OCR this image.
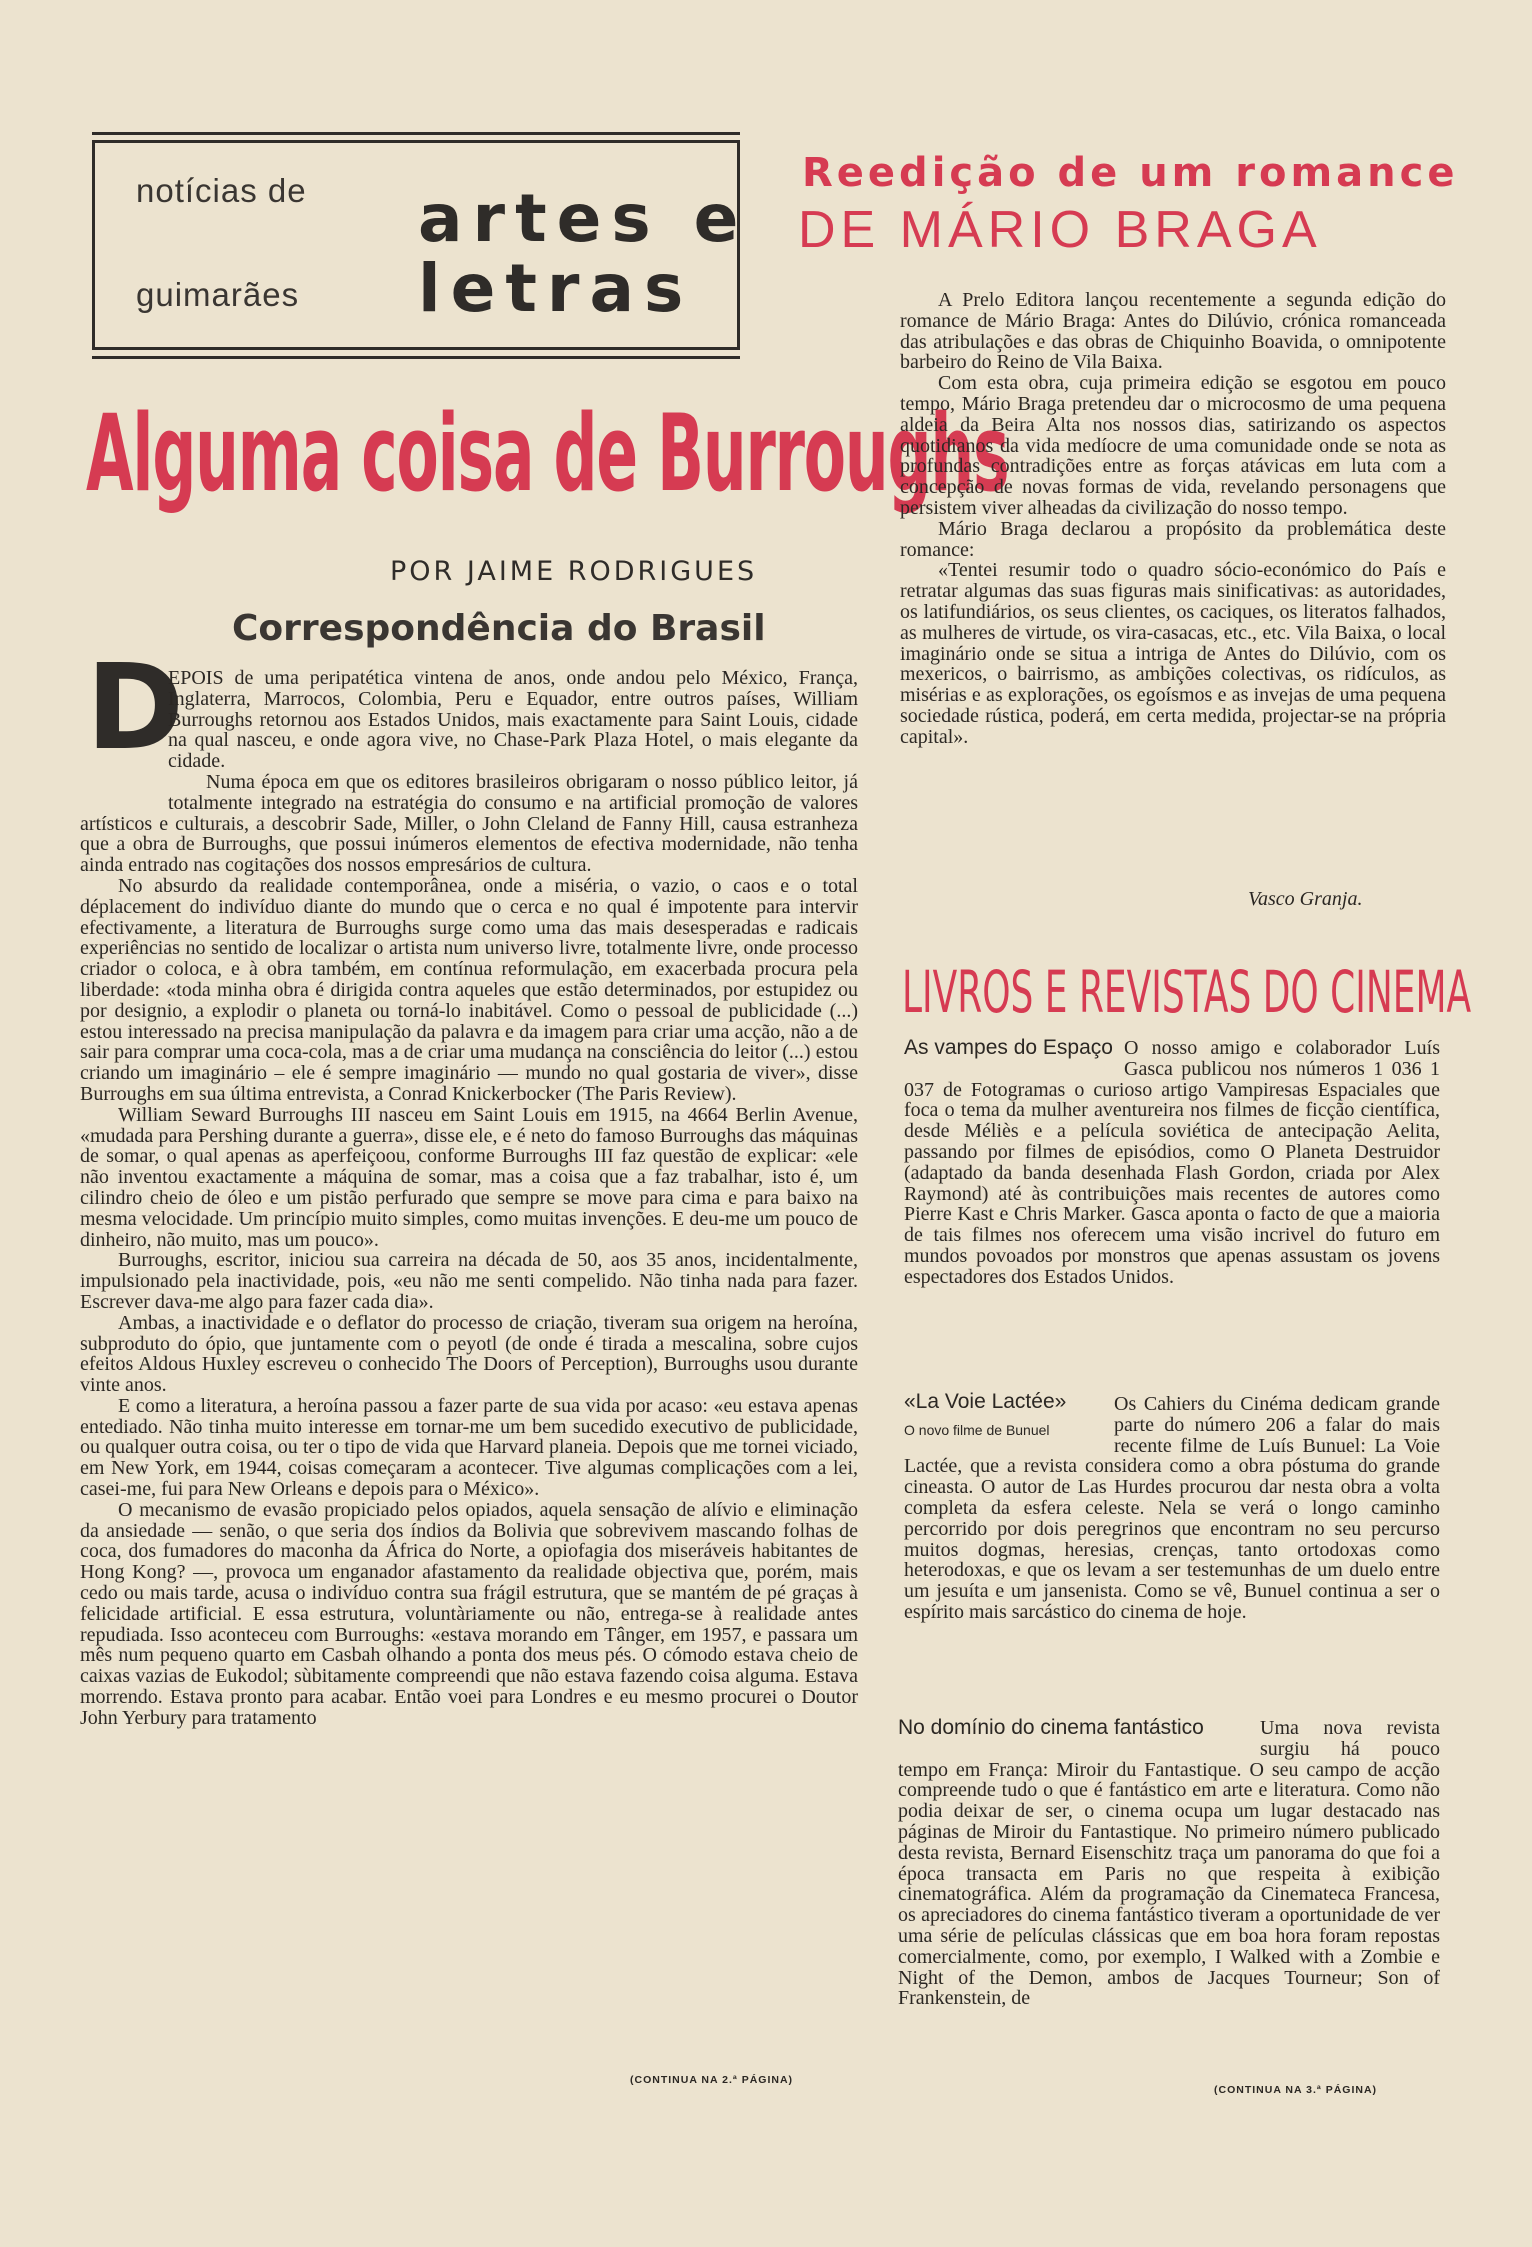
notícias de
guimarães
artes e
letras
Alguma coisa de Burroughs
POR JAIME RODRIGUES
Correspondência do Brasil
D

EPOIS de uma peripatética vintena de anos, onde andou pelo México, França, Inglaterra, Marrocos, Colombia, Peru e Equador, entre outros países, William Burroughs retornou aos Estados Unidos, mais exactamente para Saint Louis, cidade na qual nasceu, e onde agora vive, no Chase-Park Plaza Hotel, o mais elegante da cidade.

Numa época em que os editores brasileiros obrigaram o nosso público leitor, já totalmente integrado na estratégia do consumo e na artificial promoção de valores artísticos e culturais, a descobrir Sade, Miller, o John Cleland de Fanny Hill, causa estranheza que a obra de Burroughs, que possui inúmeros elementos de efectiva modernidade, não tenha ainda entrado nas cogitações dos nossos empresários de cultura.

No absurdo da realidade contemporânea, onde a miséria, o vazio, o caos e o total déplacement do indivíduo diante do mundo que o cerca e no qual é impotente para intervir efectivamente, a literatura de Burroughs surge como uma das mais desesperadas e radicais experiências no sentido de localizar o artista num universo livre, totalmente livre, onde processo criador o coloca, e à obra também, em contínua reformulação, em exacerbada procura pela liberdade: «toda minha obra é dirigida contra aqueles que estão determinados, por estupidez ou por designio, a explodir o planeta ou torná-lo inabitável. Como o pessoal de publicidade (...) estou interessado na precisa manipulação da palavra e da imagem para criar uma acção, não a de sair para comprar uma coca-cola, mas a de criar uma mudança na consciência do leitor (...) estou criando um imaginário – ele é sempre imaginário — mundo no qual gostaria de viver», disse Burroughs em sua última entrevista, a Conrad Knickerbocker (The Paris Review).

William Seward Burroughs III nasceu em Saint Louis em 1915, na 4664 Berlin Avenue, «mudada para Pershing durante a guerra», disse ele, e é neto do famoso Burroughs das máquinas de somar, o qual apenas as aperfeiçoou, conforme Burroughs III faz questão de explicar: «ele não inventou exactamente a máquina de somar, mas a coisa que a faz trabalhar, isto é, um cilindro cheio de óleo e um pistão perfurado que sempre se move para cima e para baixo na mesma velocidade. Um princípio muito simples, como muitas invenções. E deu-me um pouco de dinheiro, não muito, mas um pouco».

Burroughs, escritor, iniciou sua carreira na década de 50, aos 35 anos, incidentalmente, impulsionado pela inactividade, pois, «eu não me senti compelido. Não tinha nada para fazer. Escrever dava-me algo para fazer cada dia».

Ambas, a inactividade e o deflator do processo de criação, tiveram sua origem na heroína, subproduto do ópio, que juntamente com o peyotl (de onde é tirada a mescalina, sobre cujos efeitos Aldous Huxley escreveu o conhecido The Doors of Perception), Burroughs usou durante vinte anos.

E como a literatura, a heroína passou a fazer parte de sua vida por acaso: «eu estava apenas entediado. Não tinha muito interesse em tornar-me um bem sucedido executivo de publicidade, ou qualquer outra coisa, ou ter o tipo de vida que Harvard planeia. Depois que me tornei viciado, em New York, em 1944, coisas começaram a acontecer. Tive algumas complicações com a lei, casei-me, fui para New Orleans e depois para o México».

O mecanismo de evasão propiciado pelos opiados, aquela sensação de alívio e eliminação da ansiedade — senão, o que seria dos índios da Bolivia que sobrevivem mascando folhas de coca, dos fumadores do maconha da África do Norte, a opiofagia dos miseráveis habitantes de Hong Kong? —, provoca um enganador afastamento da realidade objectiva que, porém, mais cedo ou mais tarde, acusa o indivíduo contra sua frágil estrutura, que se mantém de pé graças à felicidade artificial. E essa estrutura, voluntàriamente ou não, entrega-se à realidade antes repudiada. Isso aconteceu com Burroughs: «estava morando em Tânger, em 1957, e passara um mês num pequeno quarto em Casbah olhando a ponta dos meus pés. O cómodo estava cheio de caixas vazias de Eukodol; sùbitamente compreendi que não estava fazendo coisa alguma. Estava morrendo. Estava pronto para acabar. Então voei para Londres e eu mesmo procurei o Doutor John Yerbury para tratamento

(CONTINUA NA 2.ª PÁGINA)
Reedição de um romance
DE MÁRIO BRAGA

A Prelo Editora lançou recentemente a segunda edição do romance de Mário Braga: Antes do Dilúvio, crónica romanceada das atribulações e das obras de Chiquinho Boavida, o omnipotente barbeiro do Reino de Vila Baixa.

Com esta obra, cuja primeira edição se esgotou em pouco tempo, Mário Braga pretendeu dar o microcosmo de uma pequena aldeia da Beira Alta nos nossos dias, satirizando os aspectos quotidianos da vida medíocre de uma comunidade onde se nota as profundas contradições entre as forças atávicas em luta com a concepção de novas formas de vida, revelando personagens que persistem viver alheadas da civilização do nosso tempo.

Mário Braga declarou a propósito da problemática deste romance:

«Tentei resumir todo o quadro sócio-económico do País e retratar algumas das suas figuras mais sinificativas: as autoridades, os latifundiários, os seus clientes, os caciques, os literatos falhados, as mulheres de virtude, os vira-casacas, etc., etc. Vila Baixa, o local imaginário onde se situa a intriga de Antes do Dilúvio, com os mexericos, o bairrismo, as ambições colectivas, os ridículos, as misérias e as explorações, os egoísmos e as invejas de uma pequena sociedade rústica, poderá, em certa medida, projectar-se na própria capital».

Vasco Granja.
LIVROS E REVISTAS DO CINEMA
As vampes do Espaço O nosso amigo e colaborador Luís Gasca publicou nos números 1 036 1 037 de Fotogramas o curioso artigo Vampiresas Espaciales que foca o tema da mulher aventureira nos filmes de ficção científica, desde Méliès e a película soviética de antecipação Aelita, passando por filmes de episódios, como O Planeta Destruidor (adaptado da banda desenhada Flash Gordon, criada por Alex Raymond) até às contribuições mais recentes de autores como Pierre Kast e Chris Marker. Gasca aponta o facto de que a maioria de tais filmes nos oferecem uma visão incrivel do futuro em mundos povoados por monstros que apenas assustam os jovens espectadores dos Estados Unidos.

«La Voie Lactée»
O novo filme de Bunuel

Os Cahiers du Cinéma dedicam grande parte do número 206 a falar do mais recente filme de Luís Bunuel: La Voie Lactée, que a revista considera como a obra póstuma do grande cineasta. O autor de Las Hurdes procurou dar nesta obra a volta completa da esfera celeste. Nela se verá o longo caminho percorrido por dois peregrinos que encontram no seu percurso muitos dogmas, heresias, crenças, tanto ortodoxas como heterodoxas, e que os levam a ser testemunhas de um duelo entre um jesuíta e um jansenista. Como se vê, Bunuel continua a ser o espírito mais sarcástico do cinema de hoje.

No domínio do cinema fantástico	Uma nova revista surgiu há pouco tempo em França: Miroir du Fantastique. O seu campo de acção compreende tudo o que é fantástico em arte e literatura. Como não podia deixar de ser, o cinema ocupa um lugar destacado nas páginas de Miroir du Fantastique. No primeiro número publicado desta revista, Bernard Eisenschitz traça um panorama do que foi a época transacta em Paris no que respeita à exibição cinematográfica. Além da programação da Cinemateca Francesa, os apreciadores do cinema fantástico tiveram a oportunidade de ver uma série de películas clássicas que em boa hora foram repostas comercialmente, como, por exemplo, I Walked with a Zombie e Night of the Demon, ambos de Jacques Tourneur; Son of Frankenstein, de

(CONTINUA NA 3.ª PÁGINA)
